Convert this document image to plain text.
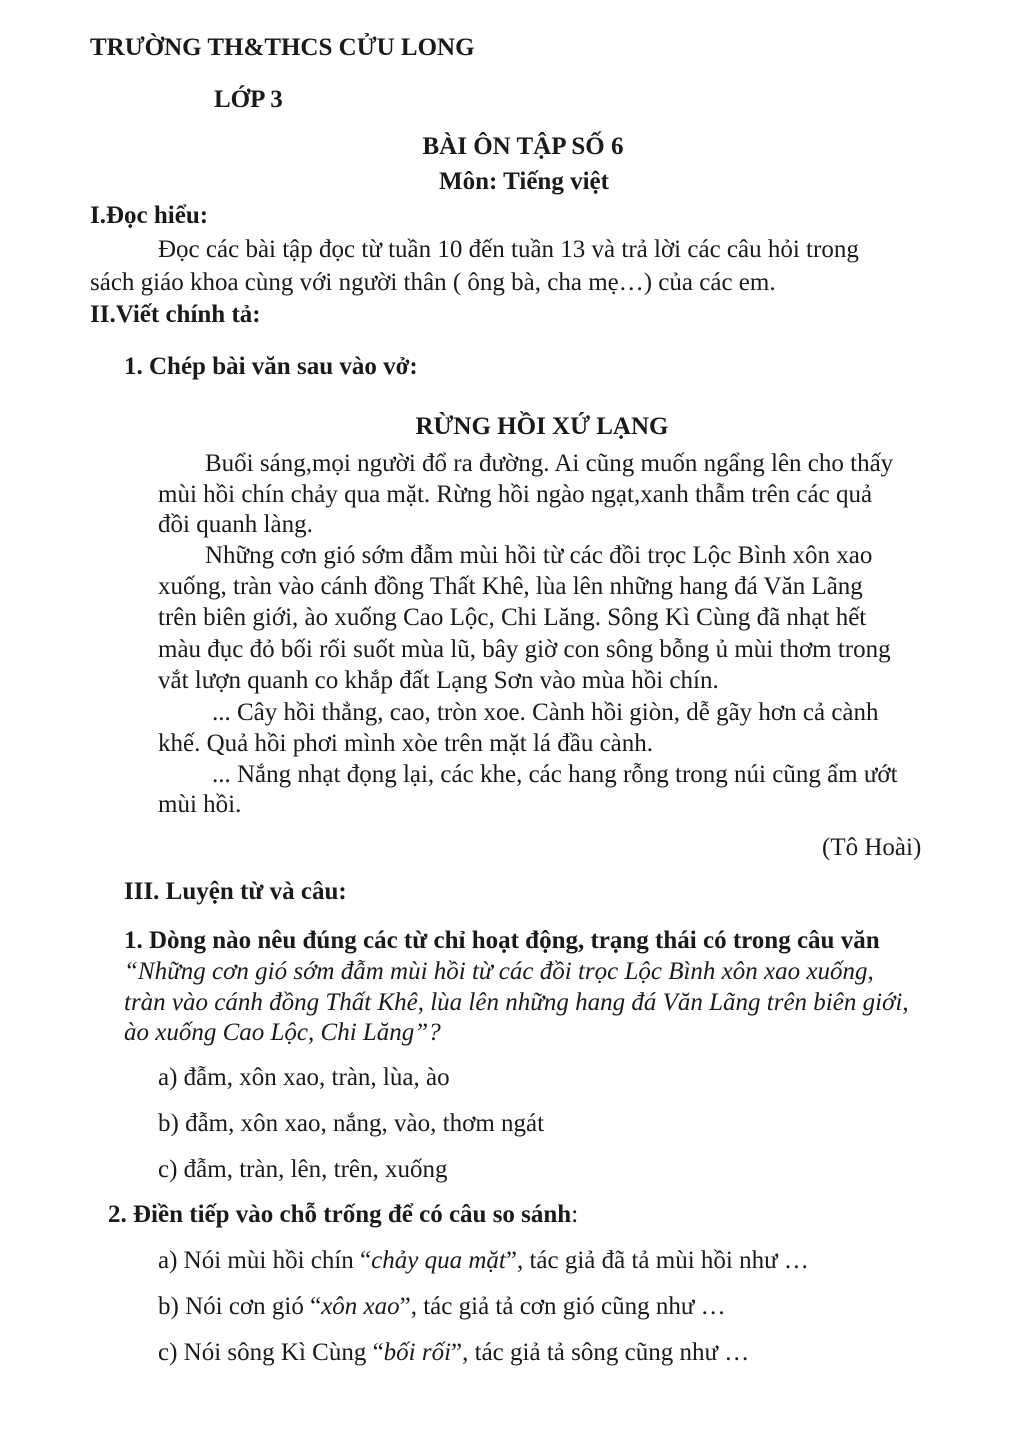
TRƯỜNG TH&THCS CỬU LONG
LỚP 3
BÀI ÔN TẬP SỐ 6
Môn: Tiếng việt
I.Đọc hiểu:
Đọc các bài tập đọc từ tuần 10 đến tuần 13 và trả lời các câu hỏi trong
sách giáo khoa cùng với người thân ( ông bà, cha mẹ…) của các em.
II.Viết chính tả:
1. Chép bài văn sau vào vở:
RỪNG HỒI XỨ LẠNG
Buổi sáng,mọi người đổ ra đường. Ai cũng muốn ngẩng lên cho thấy
mùi hồi chín chảy qua mặt. Rừng hồi ngào ngạt,xanh thẫm trên các quả
đồi quanh làng.
Những cơn gió sớm đẫm mùi hồi từ các đồi trọc Lộc Bình xôn xao
xuống, tràn vào cánh đồng Thất Khê, lùa lên những hang đá Văn Lãng
trên biên giới, ào xuống Cao Lộc, Chi Lăng. Sông Kì Cùng đã nhạt hết
màu đục đỏ bối rối suốt mùa lũ, bây giờ con sông bỗng ủ mùi thơm trong
vắt lượn quanh co khắp đất Lạng Sơn vào mùa hồi chín.
... Cây hồi thẳng, cao, tròn xoe. Cành hồi giòn, dễ gãy hơn cả cành
khế. Quả hồi phơi mình xòe trên mặt lá đầu cành.
... Nắng nhạt đọng lại, các khe, các hang rỗng trong núi cũng ẩm ướt
mùi hồi.
(Tô Hoài)
III. Luyện từ và câu:
1. Dòng nào nêu đúng các từ chỉ hoạt động, trạng thái có trong câu văn
“Những cơn gió sớm đẫm mùi hồi từ các đồi trọc Lộc Bình xôn xao xuống,
tràn vào cánh đồng Thất Khê, lùa lên những hang đá Văn Lãng trên biên giới,
ào xuống Cao Lộc, Chi Lăng”?
a) đẫm, xôn xao, tràn, lùa, ào
b) đẫm, xôn xao, nắng, vào, thơm ngát
c) đẫm, tràn, lên, trên, xuống
2. Điền tiếp vào chỗ trống để có câu so sánh:
a) Nói mùi hồi chín “chảy qua mặt”, tác giả đã tả mùi hồi như …
b) Nói cơn gió “xôn xao”, tác giả tả cơn gió cũng như …
c) Nói sông Kì Cùng “bối rối”, tác giả tả sông cũng như …
